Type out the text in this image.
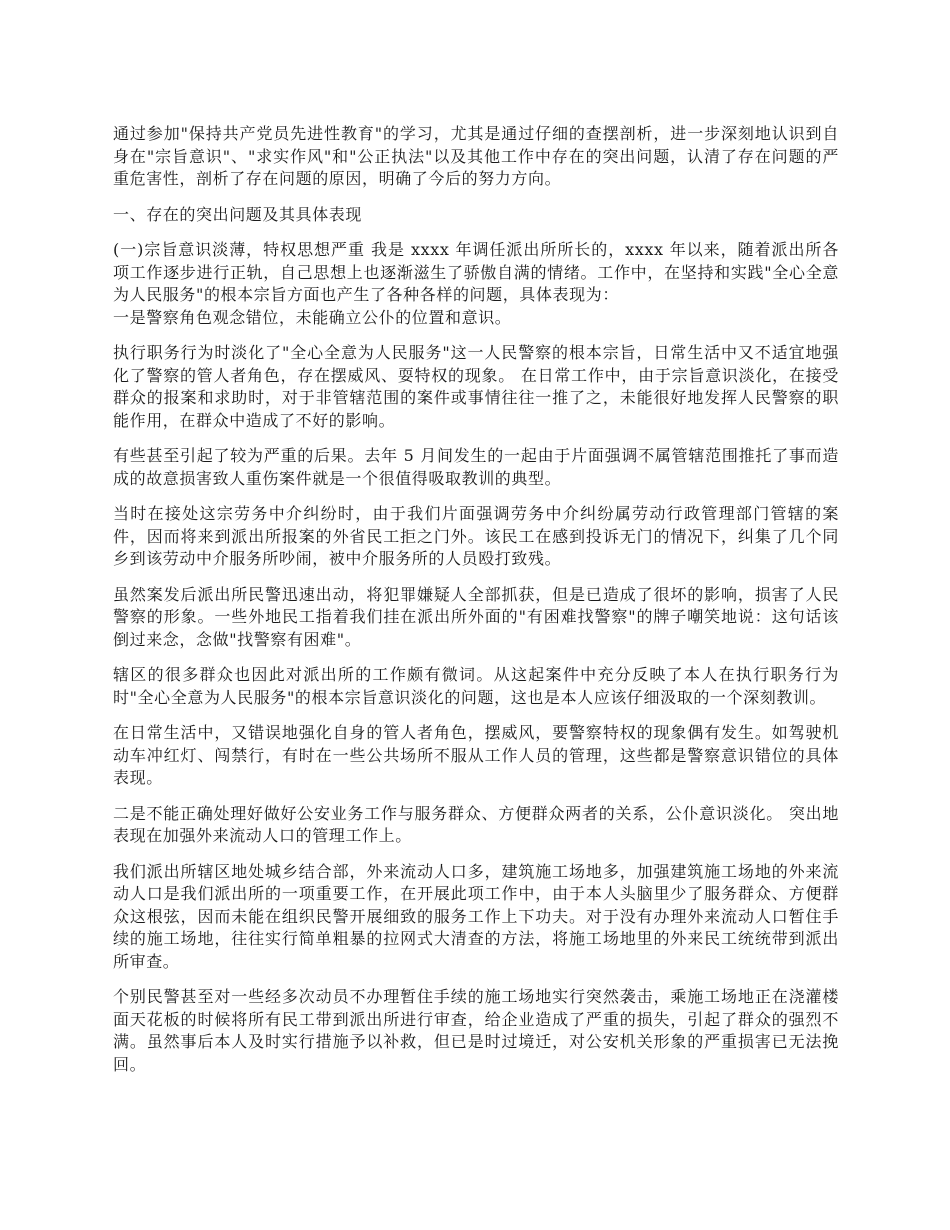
通过参加"保持共产党员先进性教育"的学习，尤其是通过仔细的查摆剖析，进一步深刻地认识到自身在"宗旨意识"、"求实作风"和"公正执法"以及其他工作中存在的突出问题，认清了存在问题的严重危害性，剖析了存在问题的原因，明确了今后的努力方向。

一、存在的突出问题及其具体表现

(一)宗旨意识淡薄，特权思想严重 我是 xxxx 年调任派出所所长的，xxxx 年以来，随着派出所各项工作逐步进行正轨，自己思想上也逐渐滋生了骄傲自满的情绪。工作中，在坚持和实践"全心全意为人民服务"的根本宗旨方面也产生了各种各样的问题，具体表现为：
一是警察角色观念错位，未能确立公仆的位置和意识。

执行职务行为时淡化了"全心全意为人民服务"这一人民警察的根本宗旨，日常生活中又不适宜地强化了警察的管人者角色，存在摆威风、耍特权的现象。 在日常工作中，由于宗旨意识淡化，在接受群众的报案和求助时，对于非管辖范围的案件或事情往往一推了之，未能很好地发挥人民警察的职能作用，在群众中造成了不好的影响。

有些甚至引起了较为严重的后果。去年 5 月间发生的一起由于片面强调不属管辖范围推托了事而造成的故意损害致人重伤案件就是一个很值得吸取教训的典型。

当时在接处这宗劳务中介纠纷时，由于我们片面强调劳务中介纠纷属劳动行政管理部门管辖的案件，因而将来到派出所报案的外省民工拒之门外。该民工在感到投诉无门的情况下，纠集了几个同乡到该劳动中介服务所吵闹，被中介服务所的人员殴打致残。

虽然案发后派出所民警迅速出动，将犯罪嫌疑人全部抓获，但是已造成了很坏的影响，损害了人民警察的形象。一些外地民工指着我们挂在派出所外面的"有困难找警察"的牌子嘲笑地说：这句话该倒过来念，念做"找警察有困难"。

辖区的很多群众也因此对派出所的工作颇有微词。从这起案件中充分反映了本人在执行职务行为时"全心全意为人民服务"的根本宗旨意识淡化的问题，这也是本人应该仔细汲取的一个深刻教训。

在日常生活中，又错误地强化自身的管人者角色，摆威风，要警察特权的现象偶有发生。如驾驶机动车冲红灯、闯禁行，有时在一些公共场所不服从工作人员的管理，这些都是警察意识错位的具体表现。

二是不能正确处理好做好公安业务工作与服务群众、方便群众两者的关系，公仆意识淡化。 突出地表现在加强外来流动人口的管理工作上。

我们派出所辖区地处城乡结合部，外来流动人口多，建筑施工场地多，加强建筑施工场地的外来流动人口是我们派出所的一项重要工作，在开展此项工作中，由于本人头脑里少了服务群众、方便群众这根弦，因而未能在组织民警开展细致的服务工作上下功夫。对于没有办理外来流动人口暂住手续的施工场地，往往实行简单粗暴的拉网式大清查的方法，将施工场地里的外来民工统统带到派出所审查。

个别民警甚至对一些经多次动员不办理暂住手续的施工场地实行突然袭击，乘施工场地正在浇灌楼面天花板的时候将所有民工带到派出所进行审查，给企业造成了严重的损失，引起了群众的强烈不满。虽然事后本人及时实行措施予以补救，但已是时过境迁，对公安机关形象的严重损害已无法挽回。
